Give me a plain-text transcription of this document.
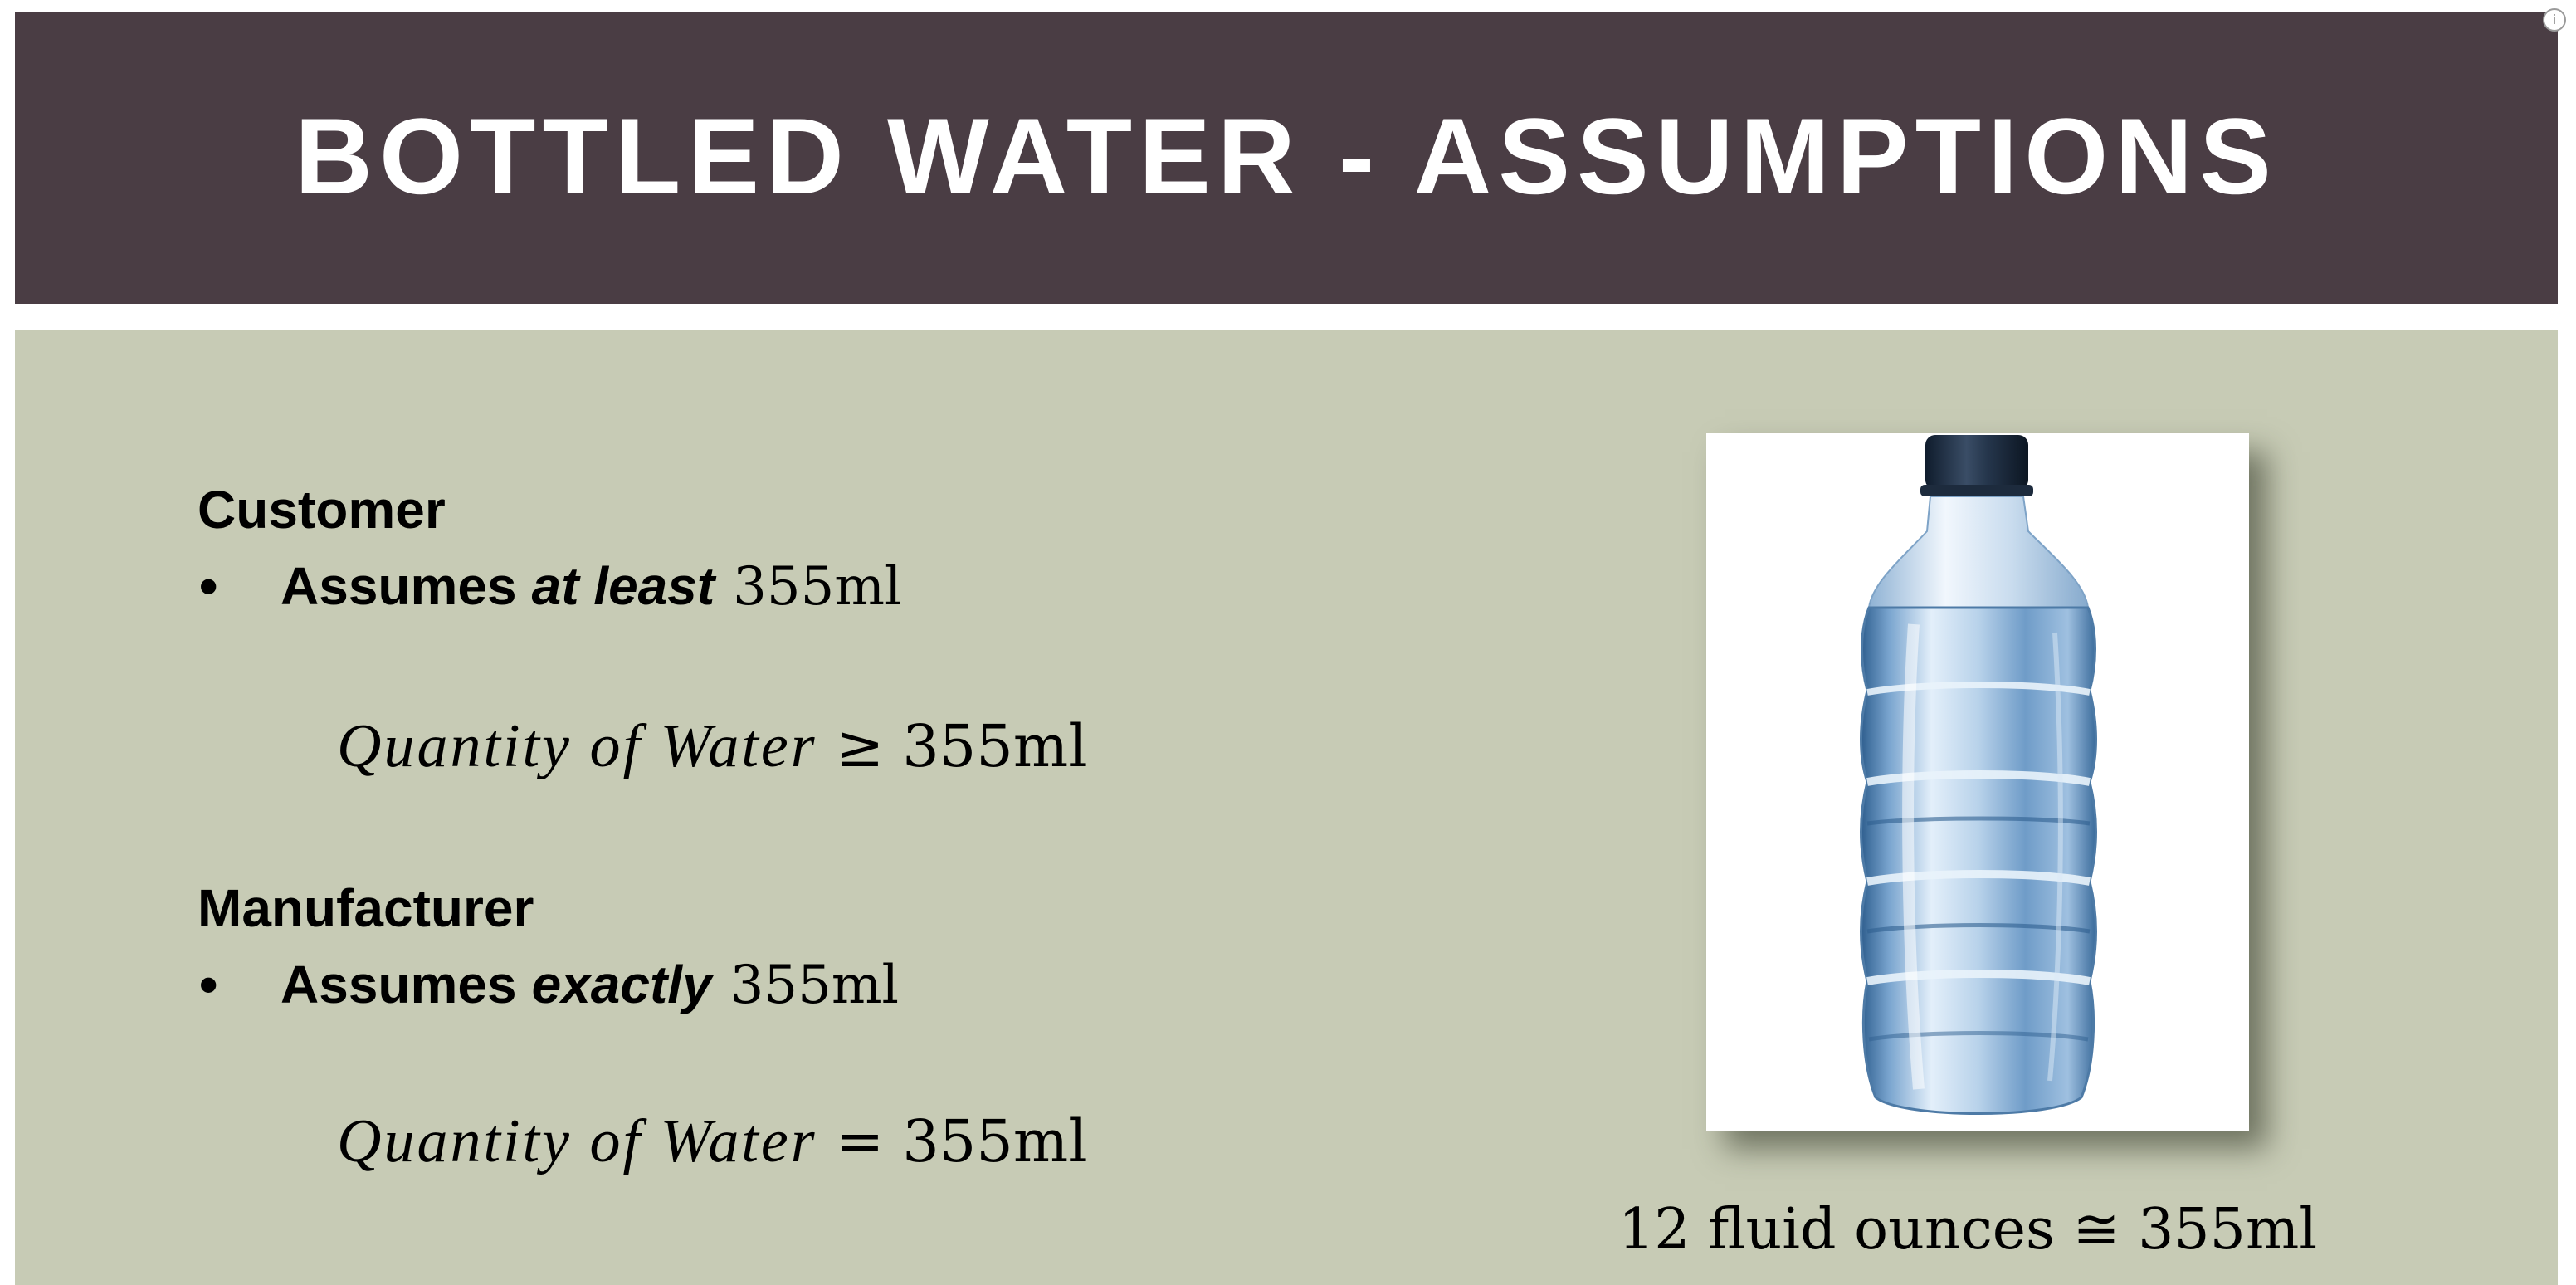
BOTTLED WATER - ASSUMPTIONS
Customer
•	Assumes at least 355ml
Quantity of Water ≥ 355ml
Manufacturer
•	Assumes exactly 355ml
Quantity of Water = 355ml
12 fluid ounces ≅ 355ml
i
